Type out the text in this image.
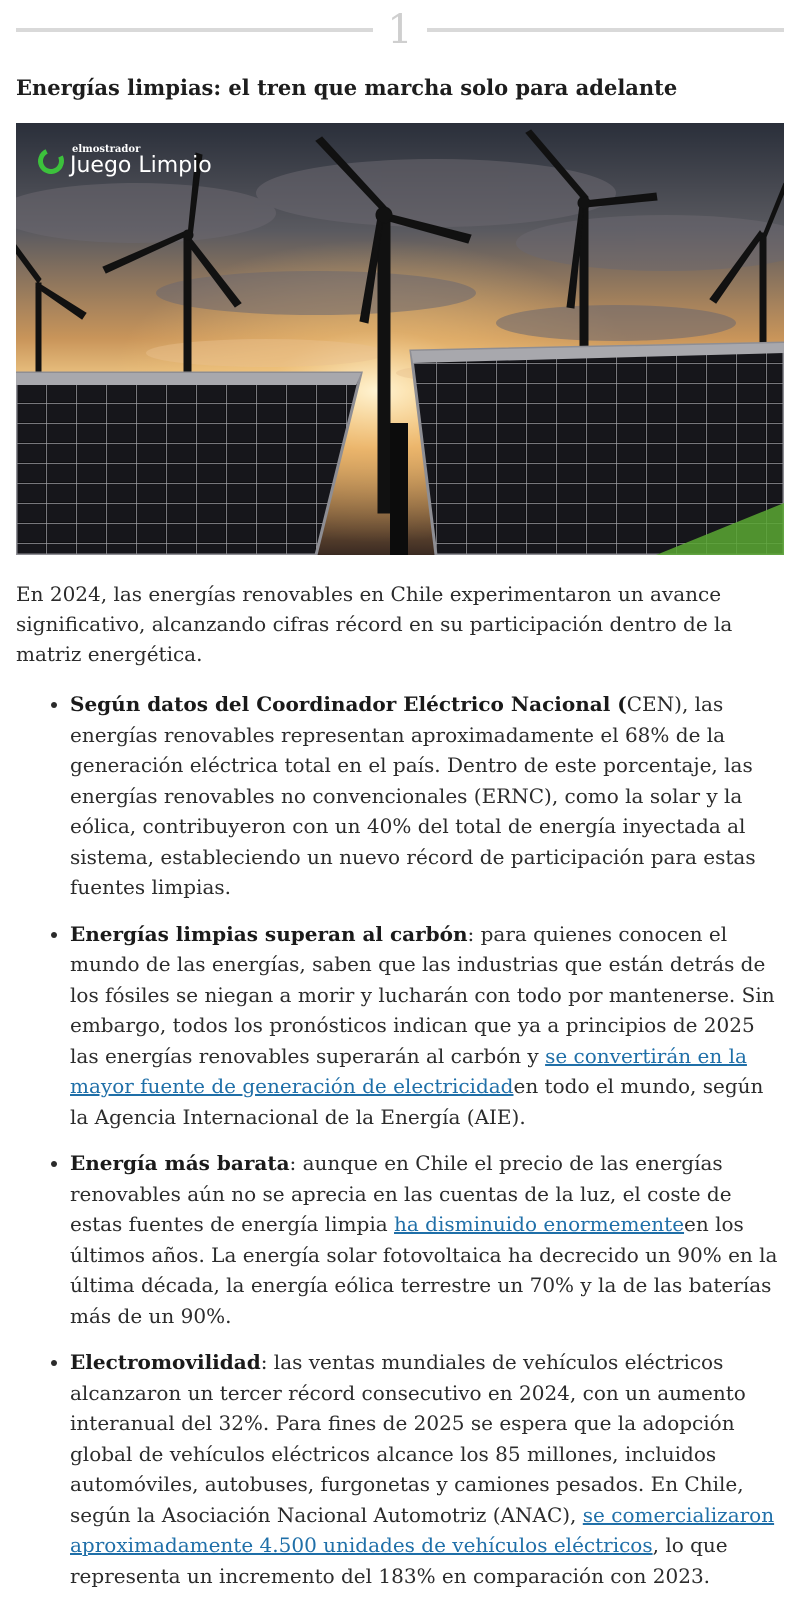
1
Energías limpias: el tren que marcha solo para adelante
elmostrador
Juego Limpio

En 2024, las energías renovables en Chile experimentaron un avance significativo, alcanzando cifras récord en su participación dentro de la matriz energética.

• Según datos del Coordinador Eléctrico Nacional (CEN), las energías renovables representan aproximadamente el 68% de la generación eléctrica total en el país. Dentro de este porcentaje, las energías renovables no convencionales (ERNC), como la solar y la eólica, contribuyeron con un 40% del total de energía inyectada al sistema, estableciendo un nuevo récord de participación para estas fuentes limpias.
• Energías limpias superan al carbón: para quienes conocen el mundo de las energías, saben que las industrias que están detrás de los fósiles se niegan a morir y lucharán con todo por mantenerse. Sin embargo, todos los pronósticos indican que ya a principios de 2025 las energías renovables superarán al carbón y se convertirán en la mayor fuente de generación de electricidaden todo el mundo, según la Agencia Internacional de la Energía (AIE).
• Energía más barata: aunque en Chile el precio de las energías renovables aún no se aprecia en las cuentas de la luz, el coste de estas fuentes de energía limpia ha disminuido enormementeen los últimos años. La energía solar fotovoltaica ha decrecido un 90% en la última década, la energía eólica terrestre un 70% y la de las baterías más de un 90%.
• Electromovilidad: las ventas mundiales de vehículos eléctricos alcanzaron un tercer récord consecutivo en 2024, con un aumento interanual del 32%. Para fines de 2025 se espera que la adopción global de vehículos eléctricos alcance los 85 millones, incluidos automóviles, autobuses, furgonetas y camiones pesados. En Chile, según la Asociación Nacional Automotriz (ANAC), se comercializaron aproximadamente 4.500 unidades de vehículos eléctricos, lo que representa un incremento del 183% en comparación con 2023.
